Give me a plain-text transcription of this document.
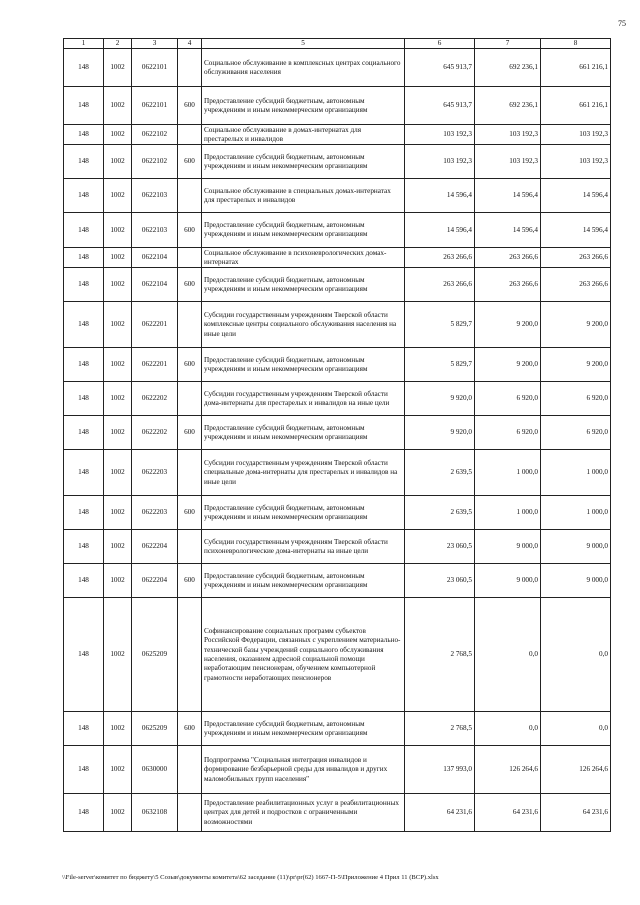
75
1	2	3	4	5	6	7	8
148	1002	0622101		Социальное обслуживание в комплексных центрах социального обслуживания населения	645 913,7	692 236,1	661 216,1
148	1002	0622101	600	Предоставление субсидий бюджетным, автономным учреждениям и иным некоммерческим организациям	645 913,7	692 236,1	661 216,1
148	1002	0622102		Социальное обслуживание в домах-интернатах для престарелых и инвалидов	103 192,3	103 192,3	103 192,3
148	1002	0622102	600	Предоставление субсидий бюджетным, автономным учреждениям и иным некоммерческим организациям	103 192,3	103 192,3	103 192,3
148	1002	0622103		Социальное обслуживание в специальных домах-интернатах для престарелых и инвалидов	14 596,4	14 596,4	14 596,4
148	1002	0622103	600	Предоставление субсидий бюджетным, автономным учреждениям и иным некоммерческим организациям	14 596,4	14 596,4	14 596,4
148	1002	0622104		Социальное обслуживание в психоневрологических домах-интернатах	263 266,6	263 266,6	263 266,6
148	1002	0622104	600	Предоставление субсидий бюджетным, автономным учреждениям и иным некоммерческим организациям	263 266,6	263 266,6	263 266,6
148	1002	0622201		Субсидии государственным учреждениям Тверской области комплексные центры социального обслуживания населения на иные цели	5 829,7	9 200,0	9 200,0
148	1002	0622201	600	Предоставление субсидий бюджетным, автономным учреждениям и иным некоммерческим организациям	5 829,7	9 200,0	9 200,0
148	1002	0622202		Субсидии государственным учреждениям Тверской области дома-интернаты для престарелых и инвалидов на иные цели	9 920,0	6 920,0	6 920,0
148	1002	0622202	600	Предоставление субсидий бюджетным, автономным учреждениям и иным некоммерческим организациям	9 920,0	6 920,0	6 920,0
148	1002	0622203		Субсидии государственным учреждениям Тверской области специальные дома-интернаты для престарелых и инвалидов на иные цели	2 639,5	1 000,0	1 000,0
148	1002	0622203	600	Предоставление субсидий бюджетным, автономным учреждениям и иным некоммерческим организациям	2 639,5	1 000,0	1 000,0
148	1002	0622204		Субсидии государственным учреждениям Тверской области психоневрологические дома-интернаты на иные цели	23 060,5	9 000,0	9 000,0
148	1002	0622204	600	Предоставление субсидий бюджетным, автономным учреждениям и иным некоммерческим организациям	23 060,5	9 000,0	9 000,0
148	1002	0625209		Софинансирование социальных программ субъектов Российской Федерации, связанных с укреплением материально-технической базы учреждений социального обслуживания населения, оказанием адресной социальной помощи неработающим пенсионерам, обучением компьютерной грамотности неработающих пенсионеров	2 768,5	0,0	0,0
148	1002	0625209	600	Предоставление субсидий бюджетным, автономным учреждениям и иным некоммерческим организациям	2 768,5	0,0	0,0
148	1002	0630000		Подпрограмма "Социальная интеграция инвалидов и формирование безбарьерной среды для инвалидов и других маломобильных групп населения"	137 993,0	126 264,6	126 264,6
148	1002	0632108		Предоставление реабилитационных услуг в реабилитационных центрах для детей и подростков с ограниченными возможностями	64 231,6	64 231,6	64 231,6
\\File-server\комитет по бюджету\5 Созыв\документы комитета\62 заседание (11)\pr\pr(62) 1667-П-5\Приложение 4 Прил 11 (ВСР).xlsx
